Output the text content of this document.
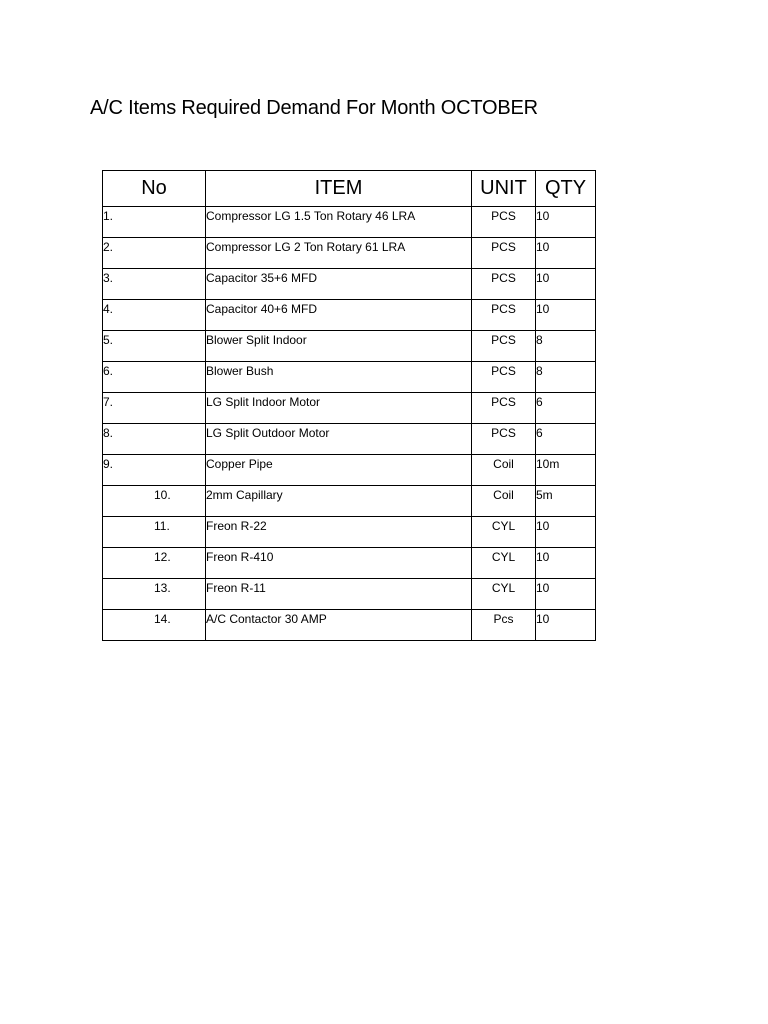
A/C Items Required Demand For Month OCTOBER
No	ITEM	UNIT	QTY
1.	Compressor LG 1.5 Ton Rotary 46 LRA	PCS	10
2.	Compressor LG 2 Ton Rotary 61 LRA	PCS	10
3.	Capacitor 35+6 MFD	PCS	10
4.	Capacitor 40+6 MFD	PCS	10
5.	Blower Split Indoor	PCS	8
6.	Blower Bush	PCS	8
7.	LG Split Indoor Motor	PCS	6
8.	LG Split Outdoor Motor	PCS	6
9.	Copper Pipe	Coil	10m
10.	2mm Capillary	Coil	5m
11.	Freon R-22	CYL	10
12.	Freon R-410	CYL	10
13.	Freon R-11	CYL	10
14.	A/C Contactor 30 AMP	Pcs	10
